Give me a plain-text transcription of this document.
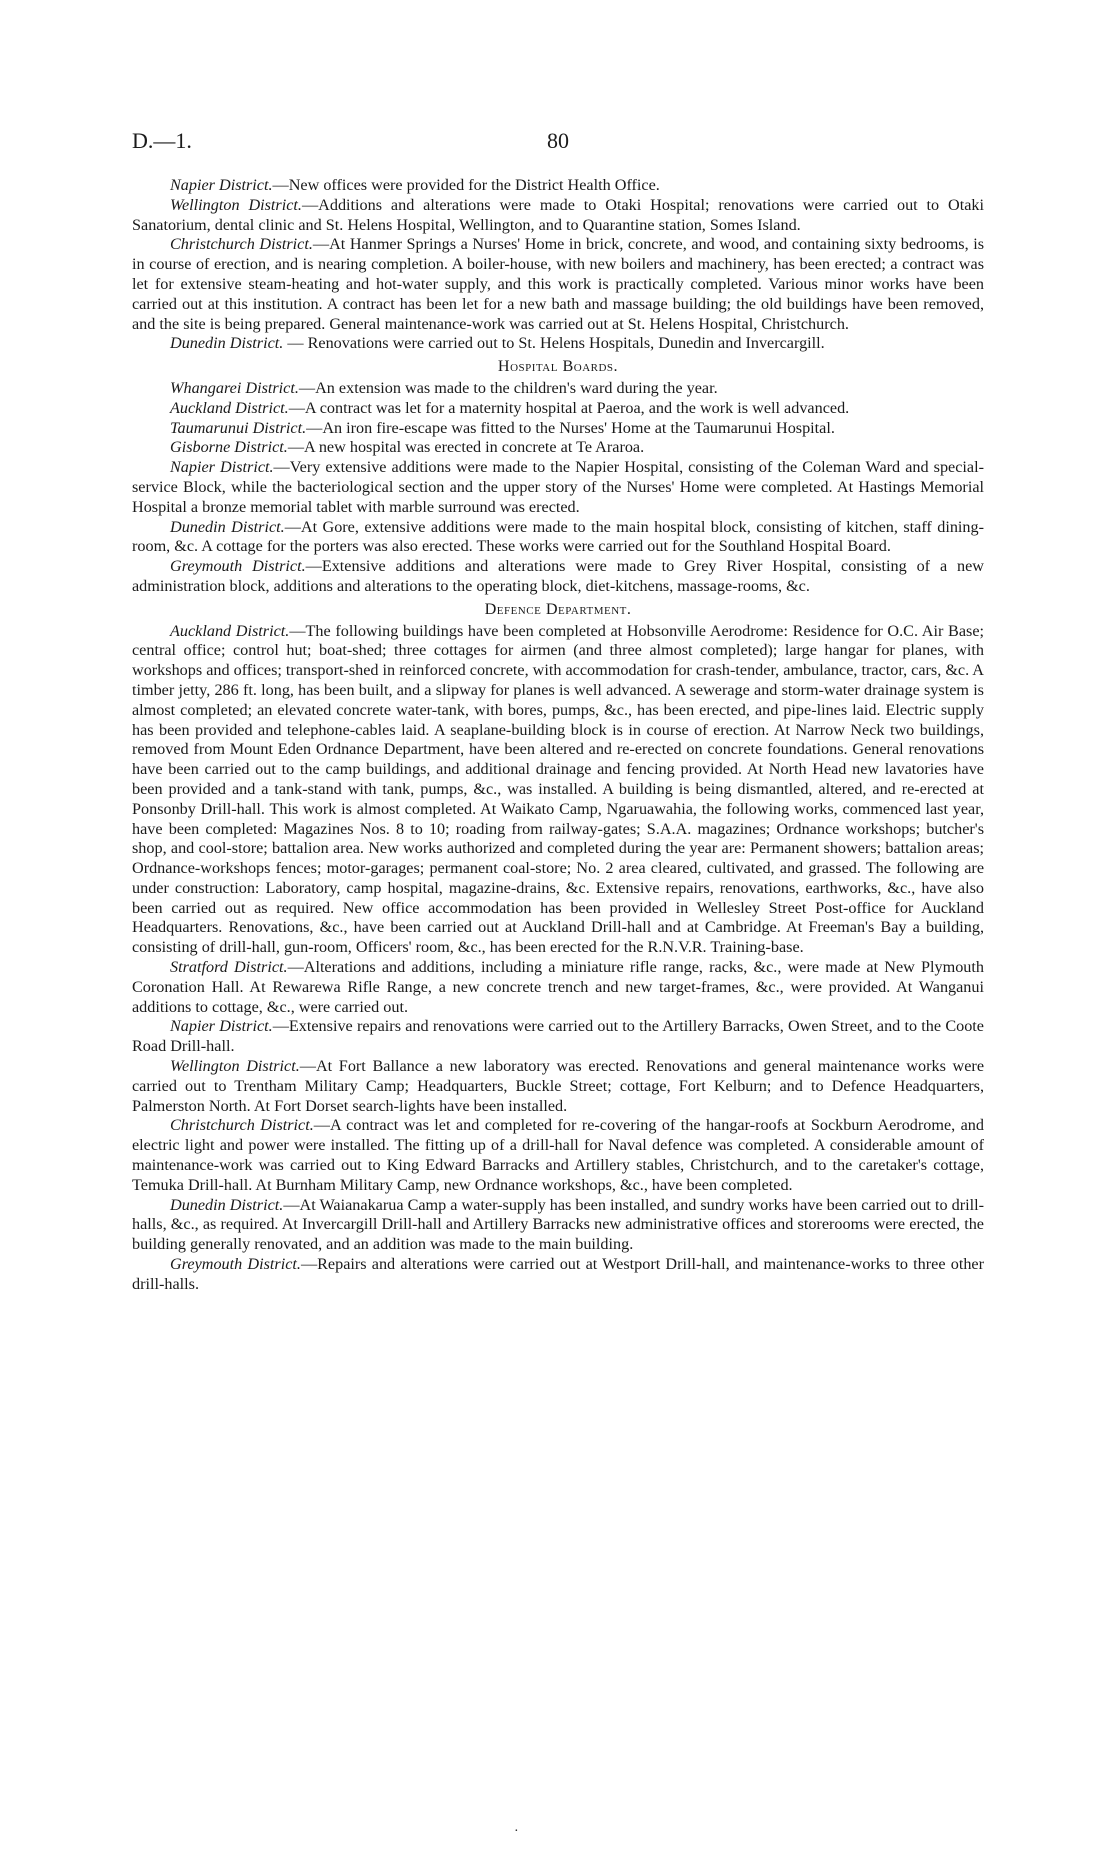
D.—1.	80

Napier District.—New offices were provided for the District Health Office.

Wellington District.—Additions and alterations were made to Otaki Hospital; renovations were carried out to Otaki Sanatorium, dental clinic and St. Helens Hospital, Wellington, and to Quarantine station, Somes Island.

Christchurch District.—At Hanmer Springs a Nurses' Home in brick, concrete, and wood, and containing sixty bedrooms, is in course of erection, and is nearing completion. A boiler-house, with new boilers and machinery, has been erected; a contract was let for extensive steam-heating and hot-water supply, and this work is practically completed. Various minor works have been carried out at this institution. A contract has been let for a new bath and massage building; the old buildings have been removed, and the site is being prepared. General maintenance-work was carried out at St. Helens Hospital, Christchurch.

Dunedin District. — Renovations were carried out to St. Helens Hospitals, Dunedin and Invercargill.

Hospital Boards.

Whangarei District.—An extension was made to the children's ward during the year.

Auckland District.—A contract was let for a maternity hospital at Paeroa, and the work is well advanced.

Taumarunui District.—An iron fire-escape was fitted to the Nurses' Home at the Taumarunui Hospital.

Gisborne District.—A new hospital was erected in concrete at Te Araroa.

Napier District.—Very extensive additions were made to the Napier Hospital, consisting of the Coleman Ward and special-service Block, while the bacteriological section and the upper story of the Nurses' Home were completed. At Hastings Memorial Hospital a bronze memorial tablet with marble surround was erected.

Dunedin District.—At Gore, extensive additions were made to the main hospital block, consisting of kitchen, staff dining-room, &c. A cottage for the porters was also erected. These works were carried out for the Southland Hospital Board.

Greymouth District.—Extensive additions and alterations were made to Grey River Hospital, consisting of a new administration block, additions and alterations to the operating block, diet-kitchens, massage-rooms, &c.

Defence Department.

Auckland District.—The following buildings have been completed at Hobsonville Aerodrome: Residence for O.C. Air Base; central office; control hut; boat-shed; three cottages for airmen (and three almost completed); large hangar for planes, with workshops and offices; transport-shed in reinforced concrete, with accommodation for crash-tender, ambulance, tractor, cars, &c. A timber jetty, 286 ft. long, has been built, and a slipway for planes is well advanced. A sewerage and storm-water drainage system is almost completed; an elevated concrete water-tank, with bores, pumps, &c., has been erected, and pipe-lines laid. Electric supply has been provided and telephone-cables laid. A seaplane-building block is in course of erection. At Narrow Neck two buildings, removed from Mount Eden Ordnance Department, have been altered and re-erected on concrete foundations. General renovations have been carried out to the camp buildings, and additional drainage and fencing provided. At North Head new lavatories have been provided and a tank-stand with tank, pumps, &c., was installed. A building is being dismantled, altered, and re-erected at Ponsonby Drill-hall. This work is almost completed. At Waikato Camp, Ngaruawahia, the following works, commenced last year, have been completed: Magazines Nos. 8 to 10; roading from railway-gates; S.A.A. magazines; Ordnance workshops; butcher's shop, and cool-store; battalion area. New works authorized and completed during the year are: Permanent showers; battalion areas; Ordnance-workshops fences; motor-garages; permanent coal-store; No. 2 area cleared, cultivated, and grassed. The following are under construction: Laboratory, camp hospital, magazine-drains, &c. Extensive repairs, renovations, earthworks, &c., have also been carried out as required. New office accommodation has been provided in Wellesley Street Post-office for Auckland Headquarters. Renovations, &c., have been carried out at Auckland Drill-hall and at Cambridge. At Freeman's Bay a building, consisting of drill-hall, gun-room, Officers' room, &c., has been erected for the R.N.V.R. Training-base.

Stratford District.—Alterations and additions, including a miniature rifle range, racks, &c., were made at New Plymouth Coronation Hall. At Rewarewa Rifle Range, a new concrete trench and new target-frames, &c., were provided. At Wanganui additions to cottage, &c., were carried out.

Napier District.—Extensive repairs and renovations were carried out to the Artillery Barracks, Owen Street, and to the Coote Road Drill-hall.

Wellington District.—At Fort Ballance a new laboratory was erected. Renovations and general maintenance works were carried out to Trentham Military Camp; Headquarters, Buckle Street; cottage, Fort Kelburn; and to Defence Headquarters, Palmerston North. At Fort Dorset search-lights have been installed.

Christchurch District.—A contract was let and completed for re-covering of the hangar-roofs at Sockburn Aerodrome, and electric light and power were installed. The fitting up of a drill-hall for Naval defence was completed. A considerable amount of maintenance-work was carried out to King Edward Barracks and Artillery stables, Christchurch, and to the caretaker's cottage, Temuka Drill-hall. At Burnham Military Camp, new Ordnance workshops, &c., have been completed.

Dunedin District.—At Waianakarua Camp a water-supply has been installed, and sundry works have been carried out to drill-halls, &c., as required. At Invercargill Drill-hall and Artillery Barracks new administrative offices and storerooms were erected, the building generally renovated, and an addition was made to the main building.

Greymouth District.—Repairs and alterations were carried out at Westport Drill-hall, and maintenance-works to three other drill-halls.

·
